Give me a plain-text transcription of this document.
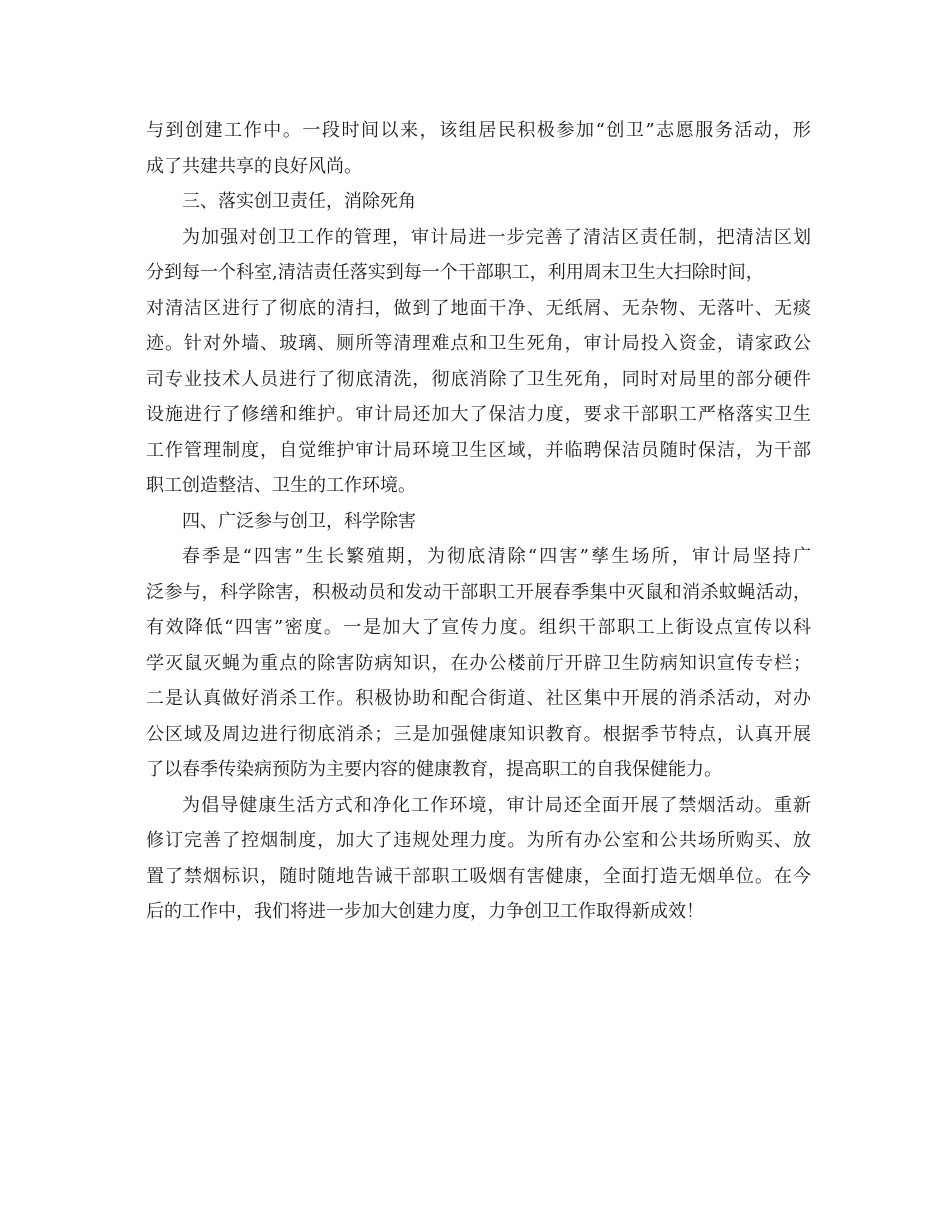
与到创建工作中。一段时间以来，该组居民积极参加“创卫”志愿服务活动，形
成了共建共享的良好风尚。
三、落实创卫责任，消除死角
为加强对创卫工作的管理，审计局进一步完善了清洁区责任制，把清洁区划
分到每一个科室,清洁责任落实到每一个干部职工，利用周末卫生大扫除时间，
对清洁区进行了彻底的清扫，做到了地面干净、无纸屑、无杂物、无落叶、无痰
迹。针对外墙、玻璃、厕所等清理难点和卫生死角，审计局投入资金，请家政公
司专业技术人员进行了彻底清洗，彻底消除了卫生死角，同时对局里的部分硬件
设施进行了修缮和维护。审计局还加大了保洁力度，要求干部职工严格落实卫生
工作管理制度，自觉维护审计局环境卫生区域，并临聘保洁员随时保洁，为干部
职工创造整洁、卫生的工作环境。
四、广泛参与创卫，科学除害
春季是“四害”生长繁殖期，为彻底清除“四害”孳生场所，审计局坚持广
泛参与，科学除害，积极动员和发动干部职工开展春季集中灭鼠和消杀蚊蝇活动，
有效降低“四害”密度。一是加大了宣传力度。组织干部职工上街设点宣传以科
学灭鼠灭蝇为重点的除害防病知识，在办公楼前厅开辟卫生防病知识宣传专栏；
二是认真做好消杀工作。积极协助和配合街道、社区集中开展的消杀活动，对办
公区域及周边进行彻底消杀；三是加强健康知识教育。根据季节特点，认真开展
了以春季传染病预防为主要内容的健康教育，提高职工的自我保健能力。
为倡导健康生活方式和净化工作环境，审计局还全面开展了禁烟活动。重新
修订完善了控烟制度，加大了违规处理力度。为所有办公室和公共场所购买、放
置了禁烟标识，随时随地告诫干部职工吸烟有害健康，全面打造无烟单位。在今
后的工作中，我们将进一步加大创建力度，力争创卫工作取得新成效！
